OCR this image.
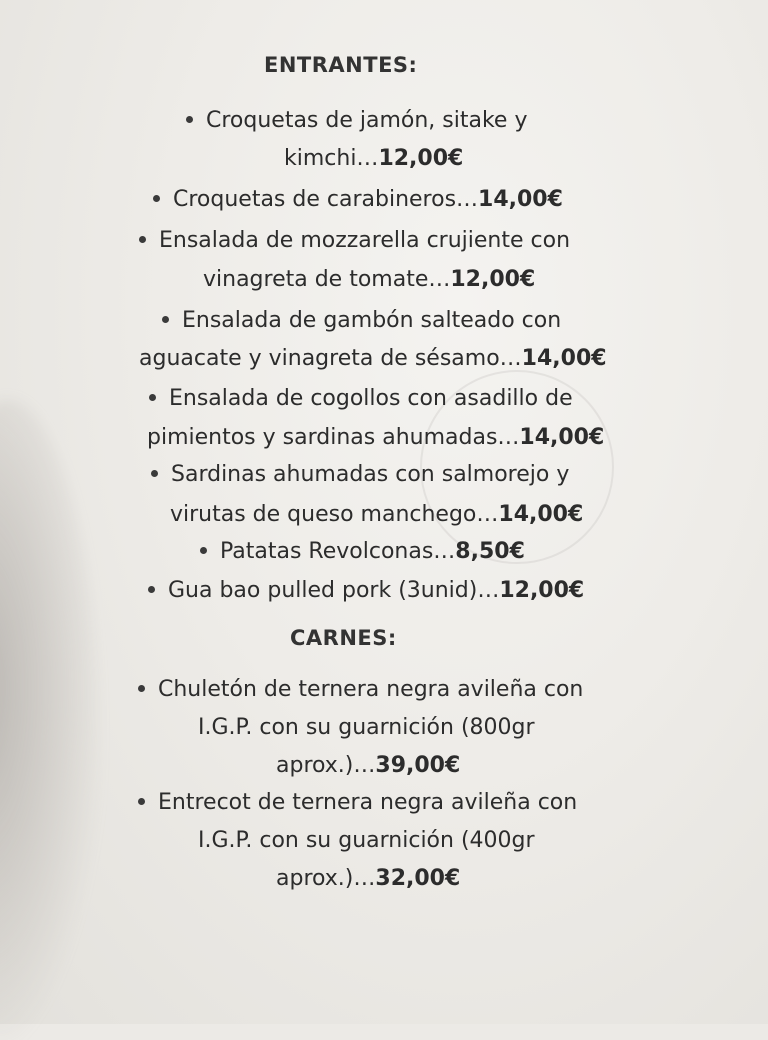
ENTRANTES:
Croquetas de jamón, sitake y
kimchi…12,00€
Croquetas de carabineros…14,00€
Ensalada de mozzarella crujiente con
vinagreta de tomate…12,00€
Ensalada de gambón salteado con
aguacate y vinagreta de sésamo…14,00€
Ensalada de cogollos con asadillo de
pimientos y sardinas ahumadas…14,00€
Sardinas ahumadas con salmorejo y
virutas de queso manchego…14,00€
Patatas Revolconas…8,50€
Gua bao pulled pork (3unid)…12,00€
CARNES:
Chuletón de ternera negra avileña con
I.G.P. con su guarnición (800gr
aprox.)…39,00€
Entrecot de ternera negra avileña con
I.G.P. con su guarnición (400gr
aprox.)…32,00€
